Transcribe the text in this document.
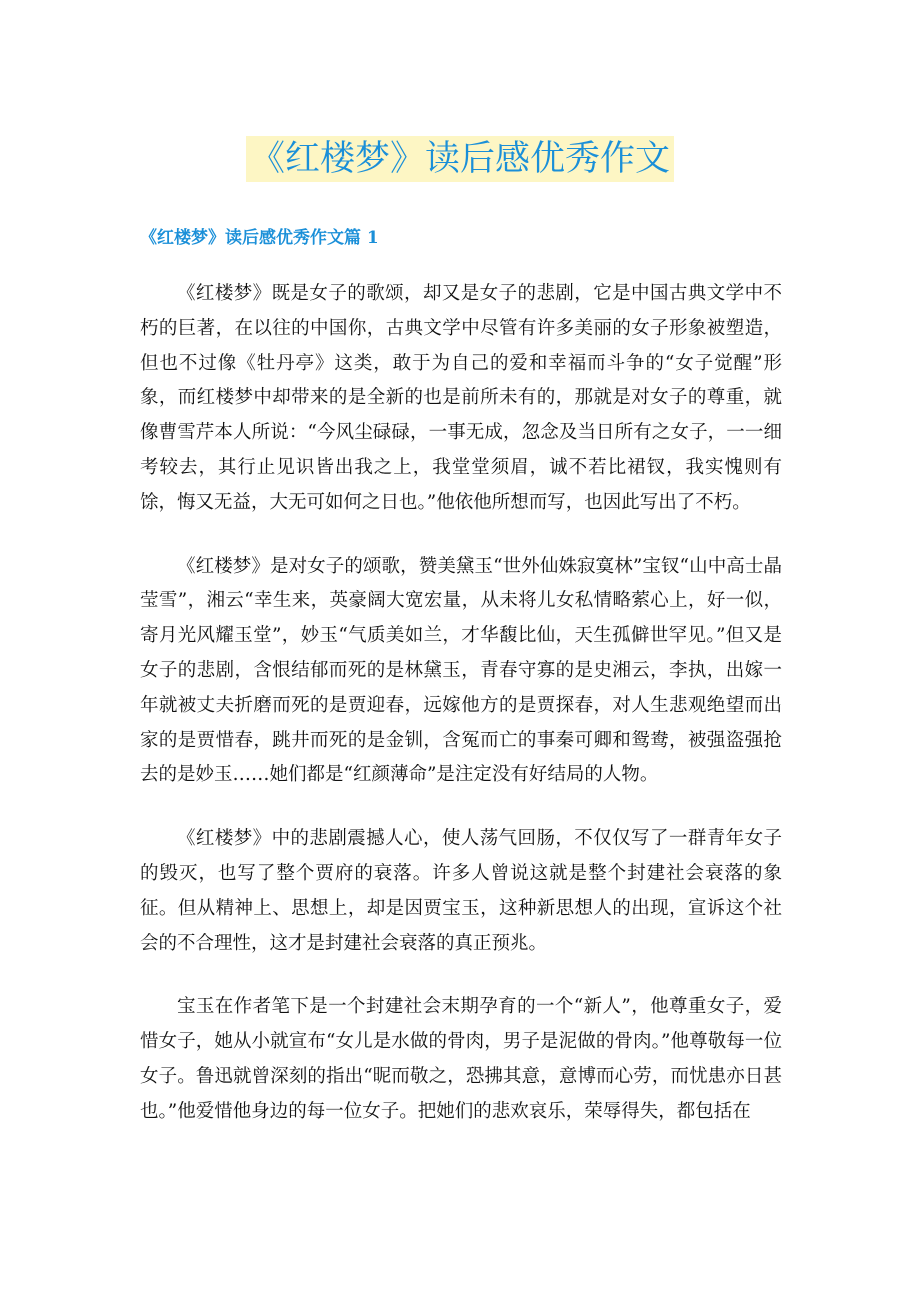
《红楼梦》读后感优秀作文
《红楼梦》读后感优秀作文篇 1

《红楼梦》既是女子的歌颂，却又是女子的悲剧，它是中国古典文学中不朽的巨著，在以往的中国你，古典文学中尽管有许多美丽的女子形象被塑造，但也不过像《牡丹亭》这类，敢于为自己的爱和幸福而斗争的“女子觉醒”形象，而红楼梦中却带来的是全新的也是前所未有的，那就是对女子的尊重，就像曹雪芹本人所说：“今风尘碌碌，一事无成，忽念及当日所有之女子，一一细考较去，其行止见识皆出我之上，我堂堂须眉，诚不若比裙钗，我实愧则有馀，悔又无益，大无可如何之日也。”他依他所想而写，也因此写出了不朽。

《红楼梦》是对女子的颂歌，赞美黛玉“世外仙姝寂寞林”宝钗“山中高士晶莹雪”，湘云“幸生来，英豪阔大宽宏量，从未将儿女私情略萦心上，好一似，寄月光风耀玉堂”，妙玉“气质美如兰，才华馥比仙，天生孤僻世罕见。”但又是女子的悲剧，含恨结郁而死的是林黛玉，青春守寡的是史湘云，李执，出嫁一年就被丈夫折磨而死的是贾迎春，远嫁他方的是贾探春，对人生悲观绝望而出家的是贾惜春，跳井而死的是金钏，含冤而亡的事秦可卿和鸳鸯，被强盗强抢去的是妙玉……她们都是“红颜薄命”是注定没有好结局的人物。

《红楼梦》中的悲剧震撼人心，使人荡气回肠，不仅仅写了一群青年女子的毁灭，也写了整个贾府的衰落。许多人曾说这就是整个封建社会衰落的象征。但从精神上、思想上，却是因贾宝玉，这种新思想人的出现，宣诉这个社会的不合理性，这才是封建社会衰落的真正预兆。

宝玉在作者笔下是一个封建社会末期孕育的一个“新人”，他尊重女子，爱惜女子，她从小就宣布“女儿是水做的骨肉，男子是泥做的骨肉。”他尊敬每一位女子。鲁迅就曾深刻的指出“昵而敬之，恐拂其意，意博而心劳，而忧患亦日甚也。”他爱惜他身边的每一位女子。把她们的悲欢哀乐，荣辱得失，都包括在
